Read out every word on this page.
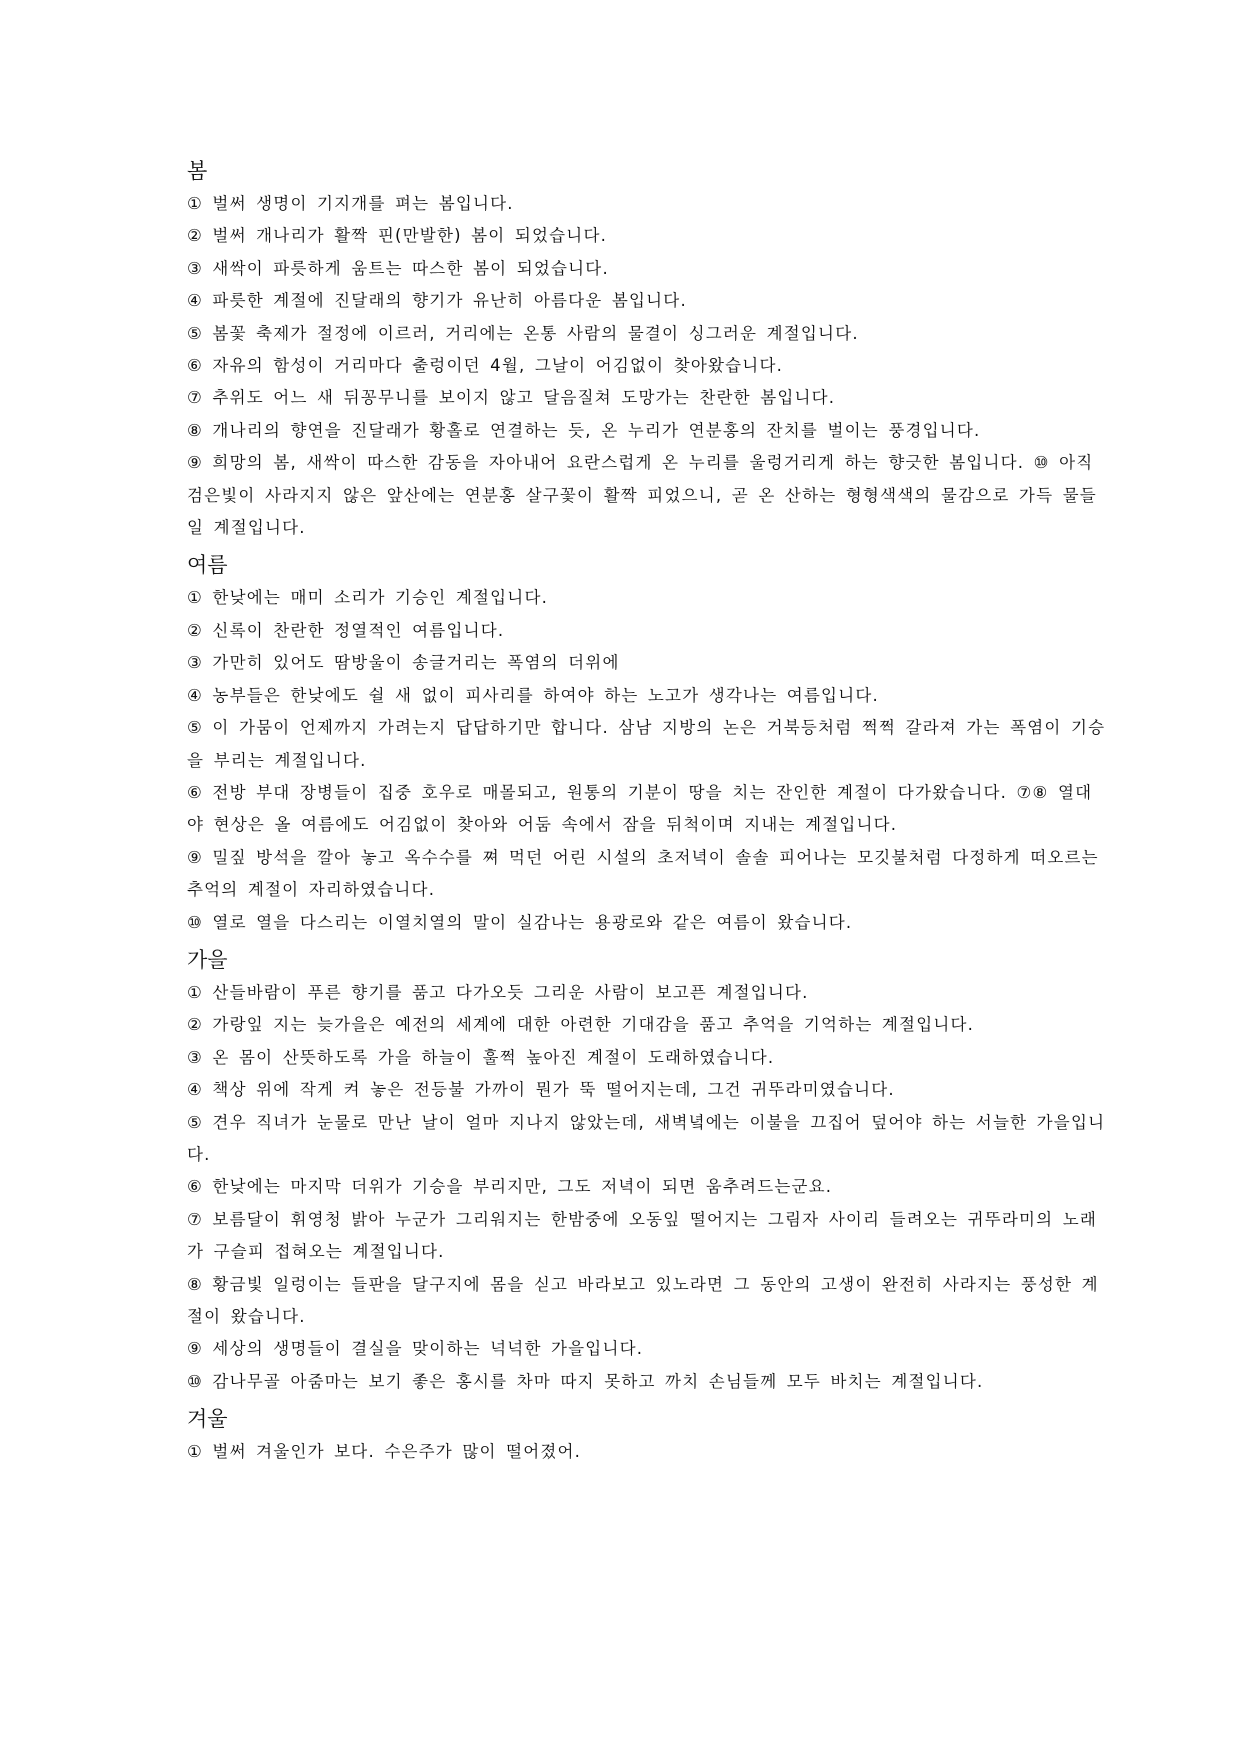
봄

① 벌써 생명이 기지개를 펴는 봄입니다.

② 벌써 개나리가 활짝 핀(만발한) 봄이 되었습니다.

③ 새싹이 파릇하게 움트는 따스한 봄이 되었습니다.

④ 파릇한 계절에 진달래의 향기가 유난히 아름다운 봄입니다.

⑤ 봄꽃 축제가 절정에 이르러, 거리에는 온통 사람의 물결이 싱그러운 계절입니다.

⑥ 자유의 함성이 거리마다 출렁이던 4월, 그날이 어김없이 찾아왔습니다.

⑦ 추위도 어느 새 뒤꽁무니를 보이지 않고 달음질쳐 도망가는 찬란한 봄입니다.

⑧ 개나리의 향연을 진달래가 황홀로 연결하는 듯, 온 누리가 연분홍의 잔치를 벌이는 풍경입니다.

⑨ 희망의 봄, 새싹이 따스한 감동을 자아내어 요란스럽게 온 누리를 울렁거리게 하는 향긋한 봄입니다. ⑩ 아직 검은빛이 사라지지 않은 앞산에는 연분홍 살구꽃이 활짝 피었으니, 곧 온 산하는 형형색색의 물감으로 가득 물들일 계절입니다.

여름

① 한낮에는 매미 소리가 기승인 계절입니다.

② 신록이 찬란한 정열적인 여름입니다.

③ 가만히 있어도 땀방울이 송글거리는 폭염의 더위에

④ 농부들은 한낮에도 쉴 새 없이 피사리를 하여야 하는 노고가 생각나는 여름입니다.

⑤ 이 가뭄이 언제까지 가려는지 답답하기만 합니다. 삼남 지방의 논은 거북등처럼 쩍쩍 갈라져 가는 폭염이 기승을 부리는 계절입니다.

⑥ 전방 부대 장병들이 집중 호우로 매몰되고, 원통의 기분이 땅을 치는 잔인한 계절이 다가왔습니다. ⑦⑧ 열대야 현상은 올 여름에도 어김없이 찾아와 어둠 속에서 잠을 뒤척이며 지내는 계절입니다.

⑨ 밀짚 방석을 깔아 놓고 옥수수를 쪄 먹던 어린 시설의 초저녁이 솔솔 피어나는 모깃불처럼 다정하게 떠오르는 추억의 계절이 자리하였습니다.

⑩ 열로 열을 다스리는 이열치열의 말이 실감나는 용광로와 같은 여름이 왔습니다.

가을

① 산들바람이 푸른 향기를 품고 다가오듯 그리운 사람이 보고픈 계절입니다.

② 가랑잎 지는 늦가을은 예전의 세계에 대한 아련한 기대감을 품고 추억을 기억하는 계절입니다.

③ 온 몸이 산뜻하도록 가을 하늘이 훌쩍 높아진 계절이 도래하였습니다.

④ 책상 위에 작게 켜 놓은 전등불 가까이 뭔가 뚝 떨어지는데, 그건 귀뚜라미였습니다.

⑤ 견우 직녀가 눈물로 만난 날이 얼마 지나지 않았는데, 새벽녘에는 이불을 끄집어 덮어야 하는 서늘한 가을입니다.

⑥ 한낮에는 마지막 더위가 기승을 부리지만, 그도 저녁이 되면 움추려드는군요.

⑦ 보름달이 휘영청 밝아 누군가 그리워지는 한밤중에 오동잎 떨어지는 그림자 사이리 들려오는 귀뚜라미의 노래가 구슬피 접혀오는 계절입니다.

⑧ 황금빛 일렁이는 들판을 달구지에 몸을 싣고 바라보고 있노라면 그 동안의 고생이 완전히 사라지는 풍성한 계절이 왔습니다.

⑨ 세상의 생명들이 결실을 맞이하는 넉넉한 가을입니다.

⑩ 감나무골 아줌마는 보기 좋은 홍시를 차마 따지 못하고 까치 손님들께 모두 바치는 계절입니다.

겨울

① 벌써 겨울인가 보다. 수은주가 많이 떨어졌어.
